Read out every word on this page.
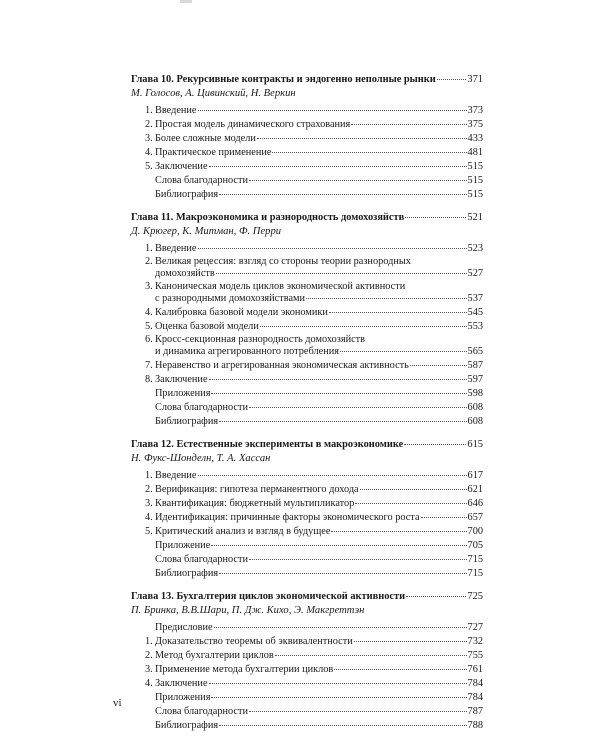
Глава 10. Рекурсивные контракты и эндогенно неполные рынки	371
М. Голосов, А. Цивинский, Н. Веркин
1. Введение	373
2. Простая модель динамического страхования	375
3. Более сложные модели	433
4. Практическое применение	481
5. Заключение	515
Слова благодарности	515
Библиография	515
Глава 11. Макроэкономика и разнородность домохозяйств	521
Д. Крюгер, К. Митман, Ф. Перри
1. Введение	523
2. Великая рецессия: взгляд со стороны теории разнородных
домохозяйств	527
3. Каноническая модель циклов экономической активности
с разнородными домохозяйствами	537
4. Калибровка базовой модели экономики	545
5. Оценка базовой модели	553
6. Кросс-секционная разнородность домохозяйств
и динамика агрегированного потребления	565
7. Неравенство и агрегированная экономическая активность	587
8. Заключение	597
Приложения	598
Слова благодарности	608
Библиография	608
Глава 12. Естественные эксперименты в макроэкономике	615
Н. Фукс-Шонделн, Т. А. Хассан
1. Введение	617
2. Верификация: гипотеза перманентного дохода	621
3. Квантификация: бюджетный мультипликатор	646
4. Идентификация: причинные факторы экономического роста	657
5. Критический анализ и взгляд в будущее	700
Приложение	705
Слова благодарности	715
Библиография	715
Глава 13. Бухгалтерия циклов экономической активности	725
П. Бринка, В.В.Шари, П. Дж. Кихо, Э. Макгреттэн
Предисловие	727
1. Доказательство теоремы об эквивалентности	732
2. Метод бухгалтерии циклов	755
3. Применение метода бухгалтерии циклов	761
4. Заключение	784
Приложения	784
Слова благодарности	787
Библиография	788
vi
